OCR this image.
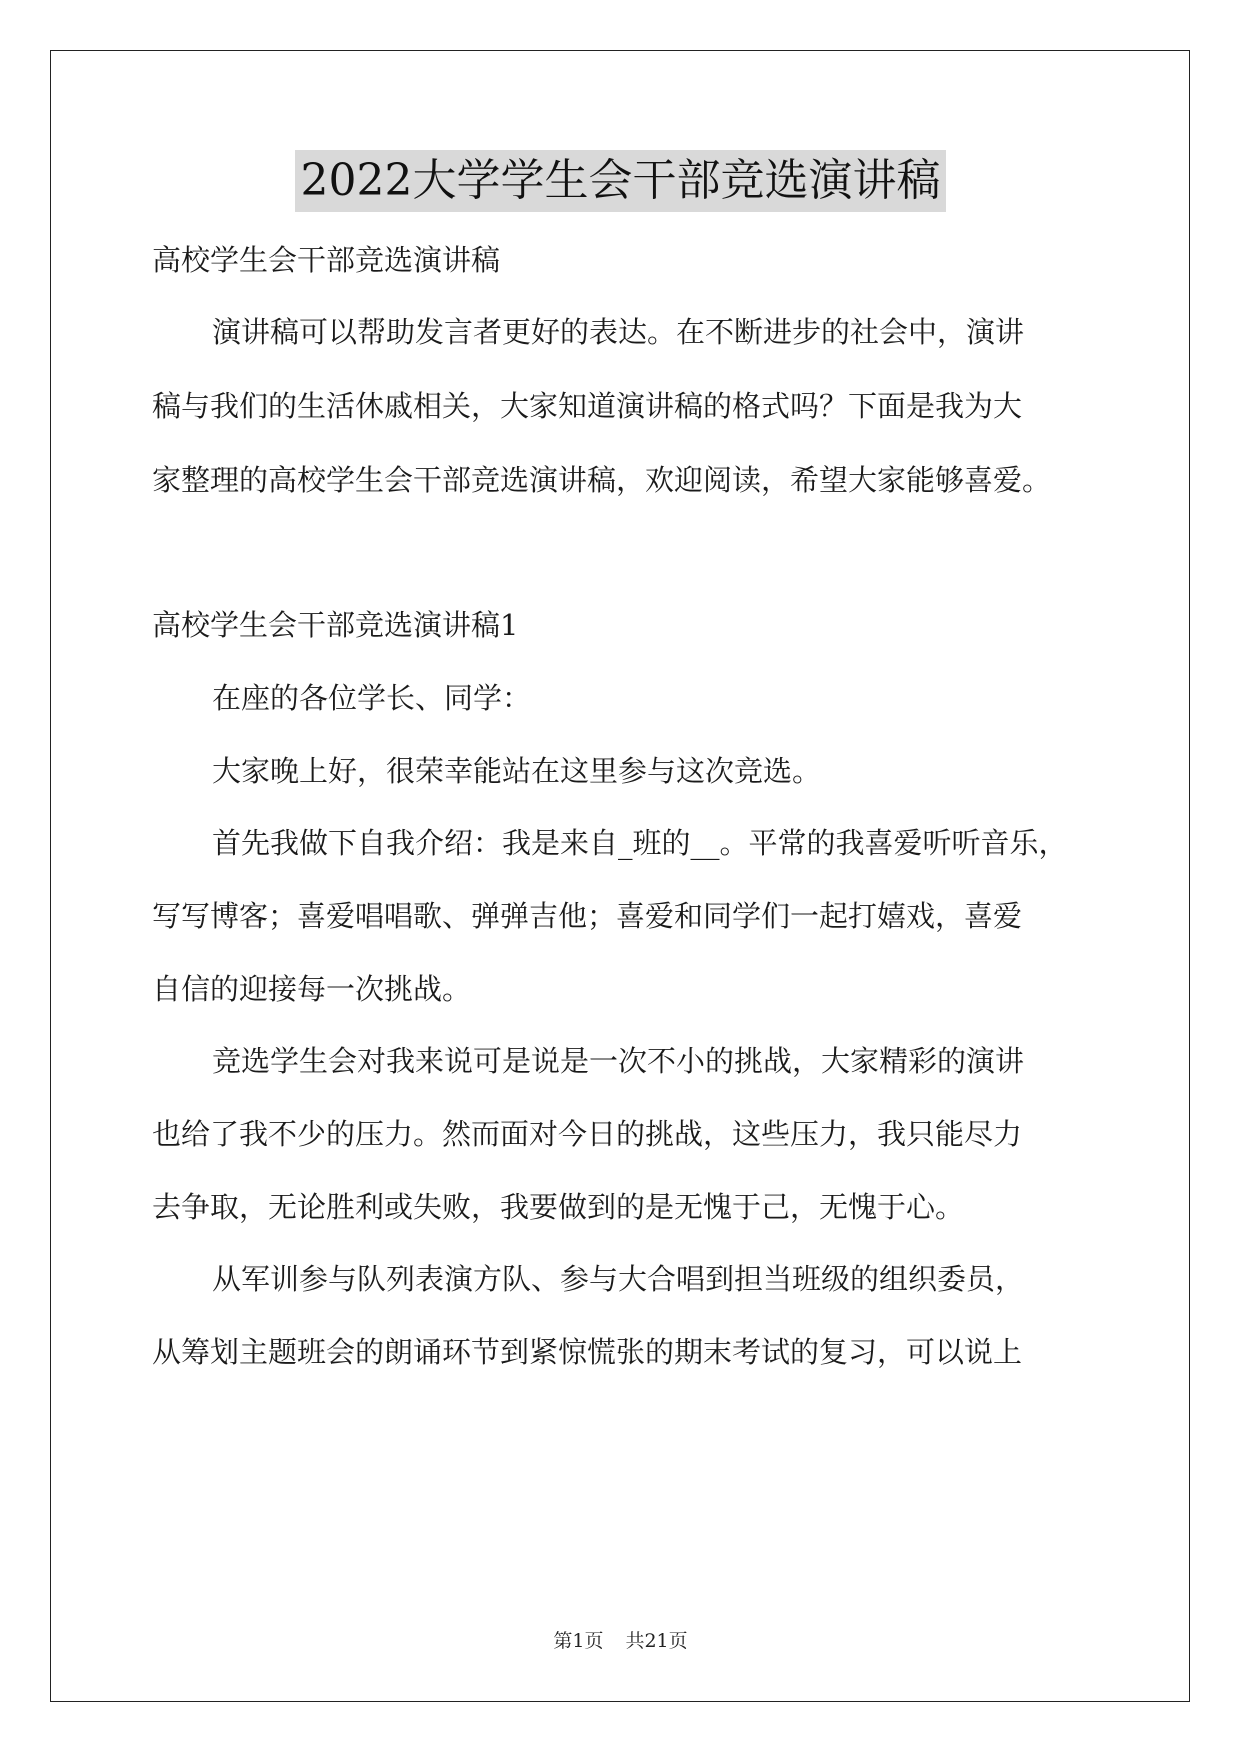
2022大学学生会干部竞选演讲稿
高校学生会干部竞选演讲稿
演讲稿可以帮助发言者更好的表达。在不断进步的社会中，演讲
稿与我们的生活休戚相关，大家知道演讲稿的格式吗？下面是我为大
家整理的高校学生会干部竞选演讲稿，欢迎阅读，希望大家能够喜爱。
高校学生会干部竞选演讲稿1
在座的各位学长、同学：
大家晚上好，很荣幸能站在这里参与这次竞选。
首先我做下自我介绍：我是来自_班的__。平常的我喜爱听听音乐，
写写博客；喜爱唱唱歌、弹弹吉他；喜爱和同学们一起打嬉戏，喜爱
自信的迎接每一次挑战。
竞选学生会对我来说可是说是一次不小的挑战，大家精彩的演讲
也给了我不少的压力。然而面对今日的挑战，这些压力，我只能尽力
去争取，无论胜利或失败，我要做到的是无愧于己，无愧于心。
从军训参与队列表演方队、参与大合唱到担当班级的组织委员，
从筹划主题班会的朗诵环节到紧惊慌张的期末考试的复习，可以说上
第1页 共21页
